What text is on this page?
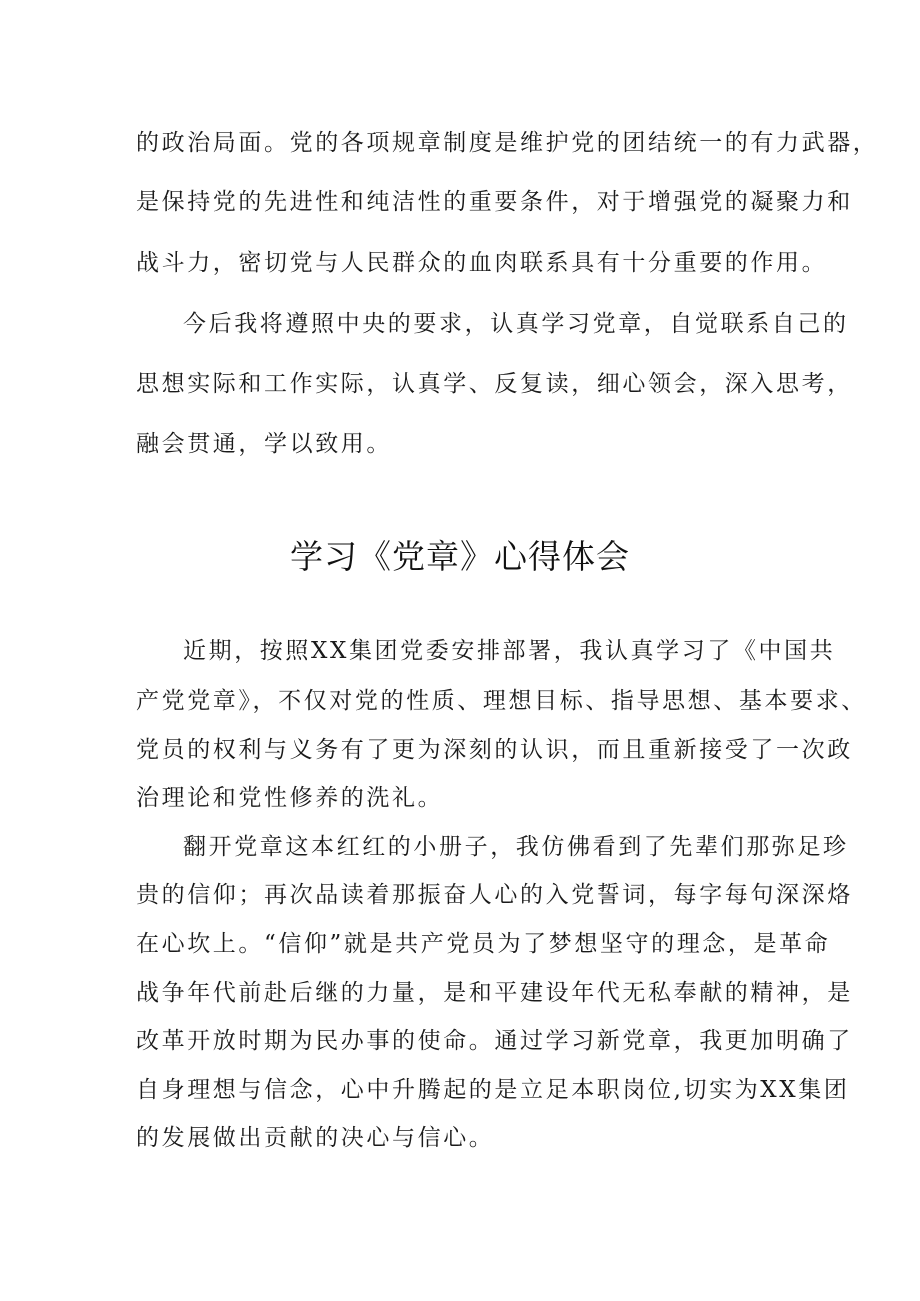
的政治局面。党的各项规章制度是维护党的团结统一的有力武器，

是保持党的先进性和纯洁性的重要条件，对于增强党的凝聚力和

战斗力，密切党与人民群众的血肉联系具有十分重要的作用。

今后我将遵照中央的要求，认真学习党章，自觉联系自己的

思想实际和工作实际，认真学、反复读，细心领会，深入思考，

融会贯通，学以致用。

学习《党章》心得体会

近期，按照XX集团党委安排部署，我认真学习了《中国共

产党党章》，不仅对党的性质、理想目标、指导思想、基本要求、

党员的权利与义务有了更为深刻的认识，而且重新接受了一次政

治理论和党性修养的洗礼。

翻开党章这本红红的小册子，我仿佛看到了先辈们那弥足珍

贵的信仰；再次品读着那振奋人心的入党誓词，每字每句深深烙

在心坎上。“信仰”就是共产党员为了梦想坚守的理念，是革命

战争年代前赴后继的力量，是和平建设年代无私奉献的精神，是

改革开放时期为民办事的使命。通过学习新党章，我更加明确了

自身理想与信念，心中升腾起的是立足本职岗位,切实为XX集团

的发展做出贡献的决心与信心。
